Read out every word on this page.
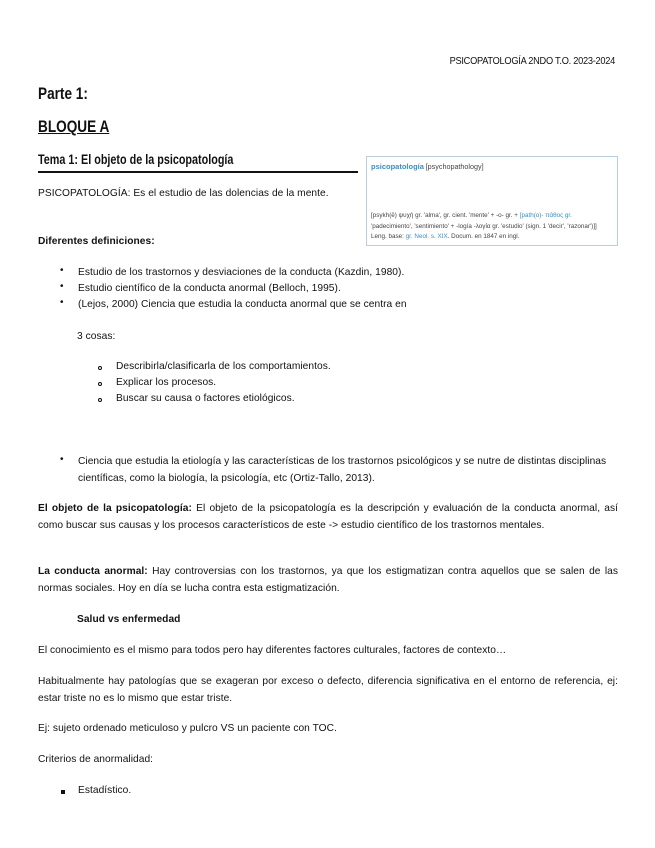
PSICOPATOLOGÍA 2NDO T.O. 2023-2024
Parte 1:
BLOQUE A
Tema 1: El objeto de la psicopatología	psicopatología [psychopathology]
[psykh(ē) ψυχή gr. 'alma', gr. cient. 'mente' + -o- gr. + [path(o)- πάθος gr.
'padecimiento', 'sentimiento' + -logía -λογία gr. 'estudio' (sign. 1 'decir', 'razonar')]]
Leng. base: gr. Neol. s. XIX. Docum. en 1847 en ingl.
PSICOPATOLOGÍA: Es el estudio de las dolencias de la mente.
Diferentes definiciones:
• Estudio de los trastornos y desviaciones de la conducta (Kazdin, 1980).
• Estudio científico de la conducta anormal (Belloch, 1995).
• (Lejos, 2000) Ciencia que estudia la conducta anormal que se centra en
3 cosas:
Describirla/clasificarla de los comportamientos.
Explicar los procesos.
Buscar su causa o factores etiológicos.
• Ciencia que estudia la etiología y las características de los trastornos psicológicos y se nutre de distintas disciplinas científicas, como la biología, la psicología, etc (Ortiz-Tallo, 2013).
El objeto de la psicopatología: El objeto de la psicopatología es la descripción y evaluación de la conducta anormal, así como buscar sus causas y los procesos característicos de este -> estudio científico de los trastornos mentales.
La conducta anormal: Hay controversias con los trastornos, ya que los estigmatizan contra aquellos que se salen de las normas sociales. Hoy en día se lucha contra esta estigmatización.
Salud vs enfermedad
El conocimiento es el mismo para todos pero hay diferentes factores culturales, factores de contexto…
Habitualmente hay patologías que se exageran por exceso o defecto, diferencia significativa en el entorno de referencia, ej: estar triste no es lo mismo que estar triste.
Ej: sujeto ordenado meticuloso y pulcro VS un paciente con TOC.
Criterios de anormalidad:
Estadístico.
